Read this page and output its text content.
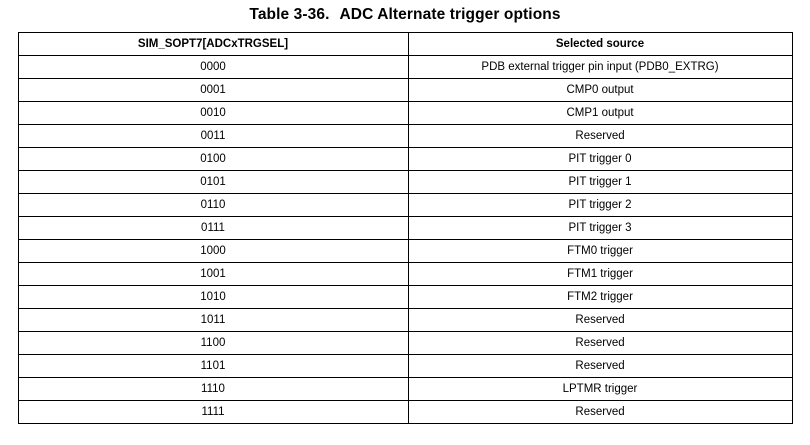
Table 3-36. ADC Alternate trigger options
SIM_SOPT7[ADCxTRGSEL]	Selected source
0000	PDB external trigger pin input (PDB0_EXTRG)
0001	CMP0 output
0010	CMP1 output
0011	Reserved
0100	PIT trigger 0
0101	PIT trigger 1
0110	PIT trigger 2
0111	PIT trigger 3
1000	FTM0 trigger
1001	FTM1 trigger
1010	FTM2 trigger
1011	Reserved
1100	Reserved
1101	Reserved
1110	LPTMR trigger
1111	Reserved
